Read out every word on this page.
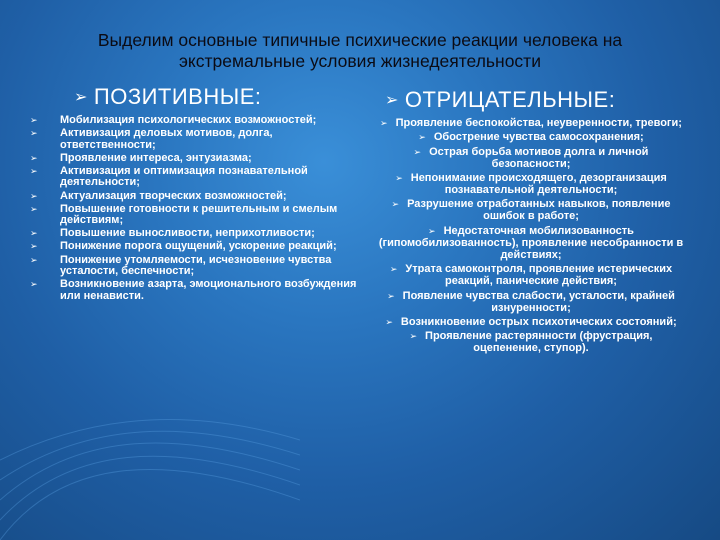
Выделим основные типичные психические реакции человека на экстремальные условия жизнедеятельности
➢ ПОЗИТИВНЫЕ:	➢ ОТРИЦАТЕЛЬНЫЕ:
➢ Мобилизация психологических возможностей;
➢ Активизация деловых мотивов, долга, ответственности;
➢ Проявление интереса, энтузиазма;
➢ Активизация и оптимизация познавательной деятельности;
➢ Актуализация творческих возможностей;
➢ Повышение готовности к решительным и смелым действиям;
➢ Повышение выносливости, неприхотливости;
➢ Понижение порога ощущений, ускорение реакций;
➢ Понижение утомляемости, исчезновение чувства усталости, беспечности;
➢ Возникновение азарта, эмоционального возбуждения или ненависти.
➢ Проявление беспокойства, неуверенности, тревоги;
➢ Обострение чувства самосохранения;
➢ Острая борьба мотивов долга и личной безопасности;
➢ Непонимание происходящего, дезорганизация познавательной деятельности;
➢ Разрушение отработанных навыков, появление ошибок в работе;
➢ Недостаточная мобилизованность (гипомобилизованность), проявление несобранности в действиях;
➢ Утрата самоконтроля, проявление истерических реакций, панические действия;
➢ Появление чувства слабости, усталости, крайней изнуренности;
➢ Возникновение острых психотических состояний;
➢ Проявление растерянности (фрустрация, оцепенение, ступор).
